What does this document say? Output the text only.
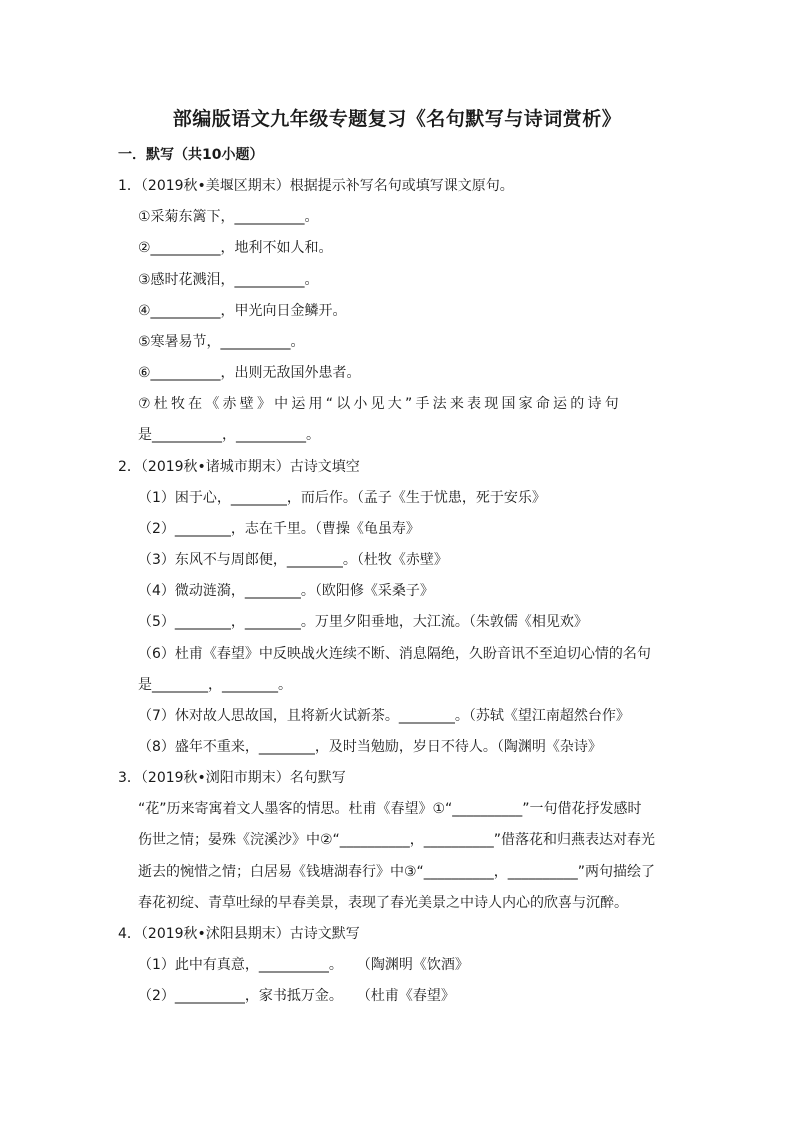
部编版语文九年级专题复习《名句默写与诗词赏析》
一．默写（共10小题）
1．（2019秋•美堰区期末）根据提示补写名句或填写课文原句。
①采菊东篱下，__________。
②__________，地利不如人和。
③感时花溅泪，__________。
④__________，甲光向日金鳞开。
⑤寒暑易节，__________。
⑥__________，出则无敌国外患者。
⑦杜牧在《赤壁》中运用“以小见大”手法来表现国家命运的诗句
是__________，__________。
2．（2019秋•诸城市期末）古诗文填空
（1）困于心，________，而后作。（孟子《生于忧患，死于安乐》
（2）________，志在千里。（曹操《龟虽寿》
（3）东风不与周郎便，________。（杜牧《赤壁》
（4）微动涟漪，________。（欧阳修《采桑子》
（5）________，________。万里夕阳垂地，大江流。（朱敦儒《相见欢》
（6）杜甫《春望》中反映战火连续不断、消息隔绝，久盼音讯不至迫切心情的名句
是________，________。
（7）休对故人思故国，且将新火试新茶。________。（苏轼《望江南超然台作》
（8）盛年不重来，________，及时当勉励，岁日不待人。（陶渊明《杂诗》
3．（2019秋•浏阳市期末）名句默写
“花”历来寄寓着文人墨客的情思。杜甫《春望》①“__________”一句借花抒发感时
伤世之情；晏殊《浣溪沙》中②“__________，__________”借落花和归燕表达对春光
逝去的惋惜之情；白居易《钱塘湖春行》中③“__________，__________”两句描绘了
春花初绽、青草吐绿的早春美景，表现了春光美景之中诗人内心的欣喜与沉醉。
4．（2019秋•沭阳县期末）古诗文默写
（1）此中有真意，__________。　　（陶渊明《饮酒》
（2）__________，家书抵万金。　　（杜甫《春望》
